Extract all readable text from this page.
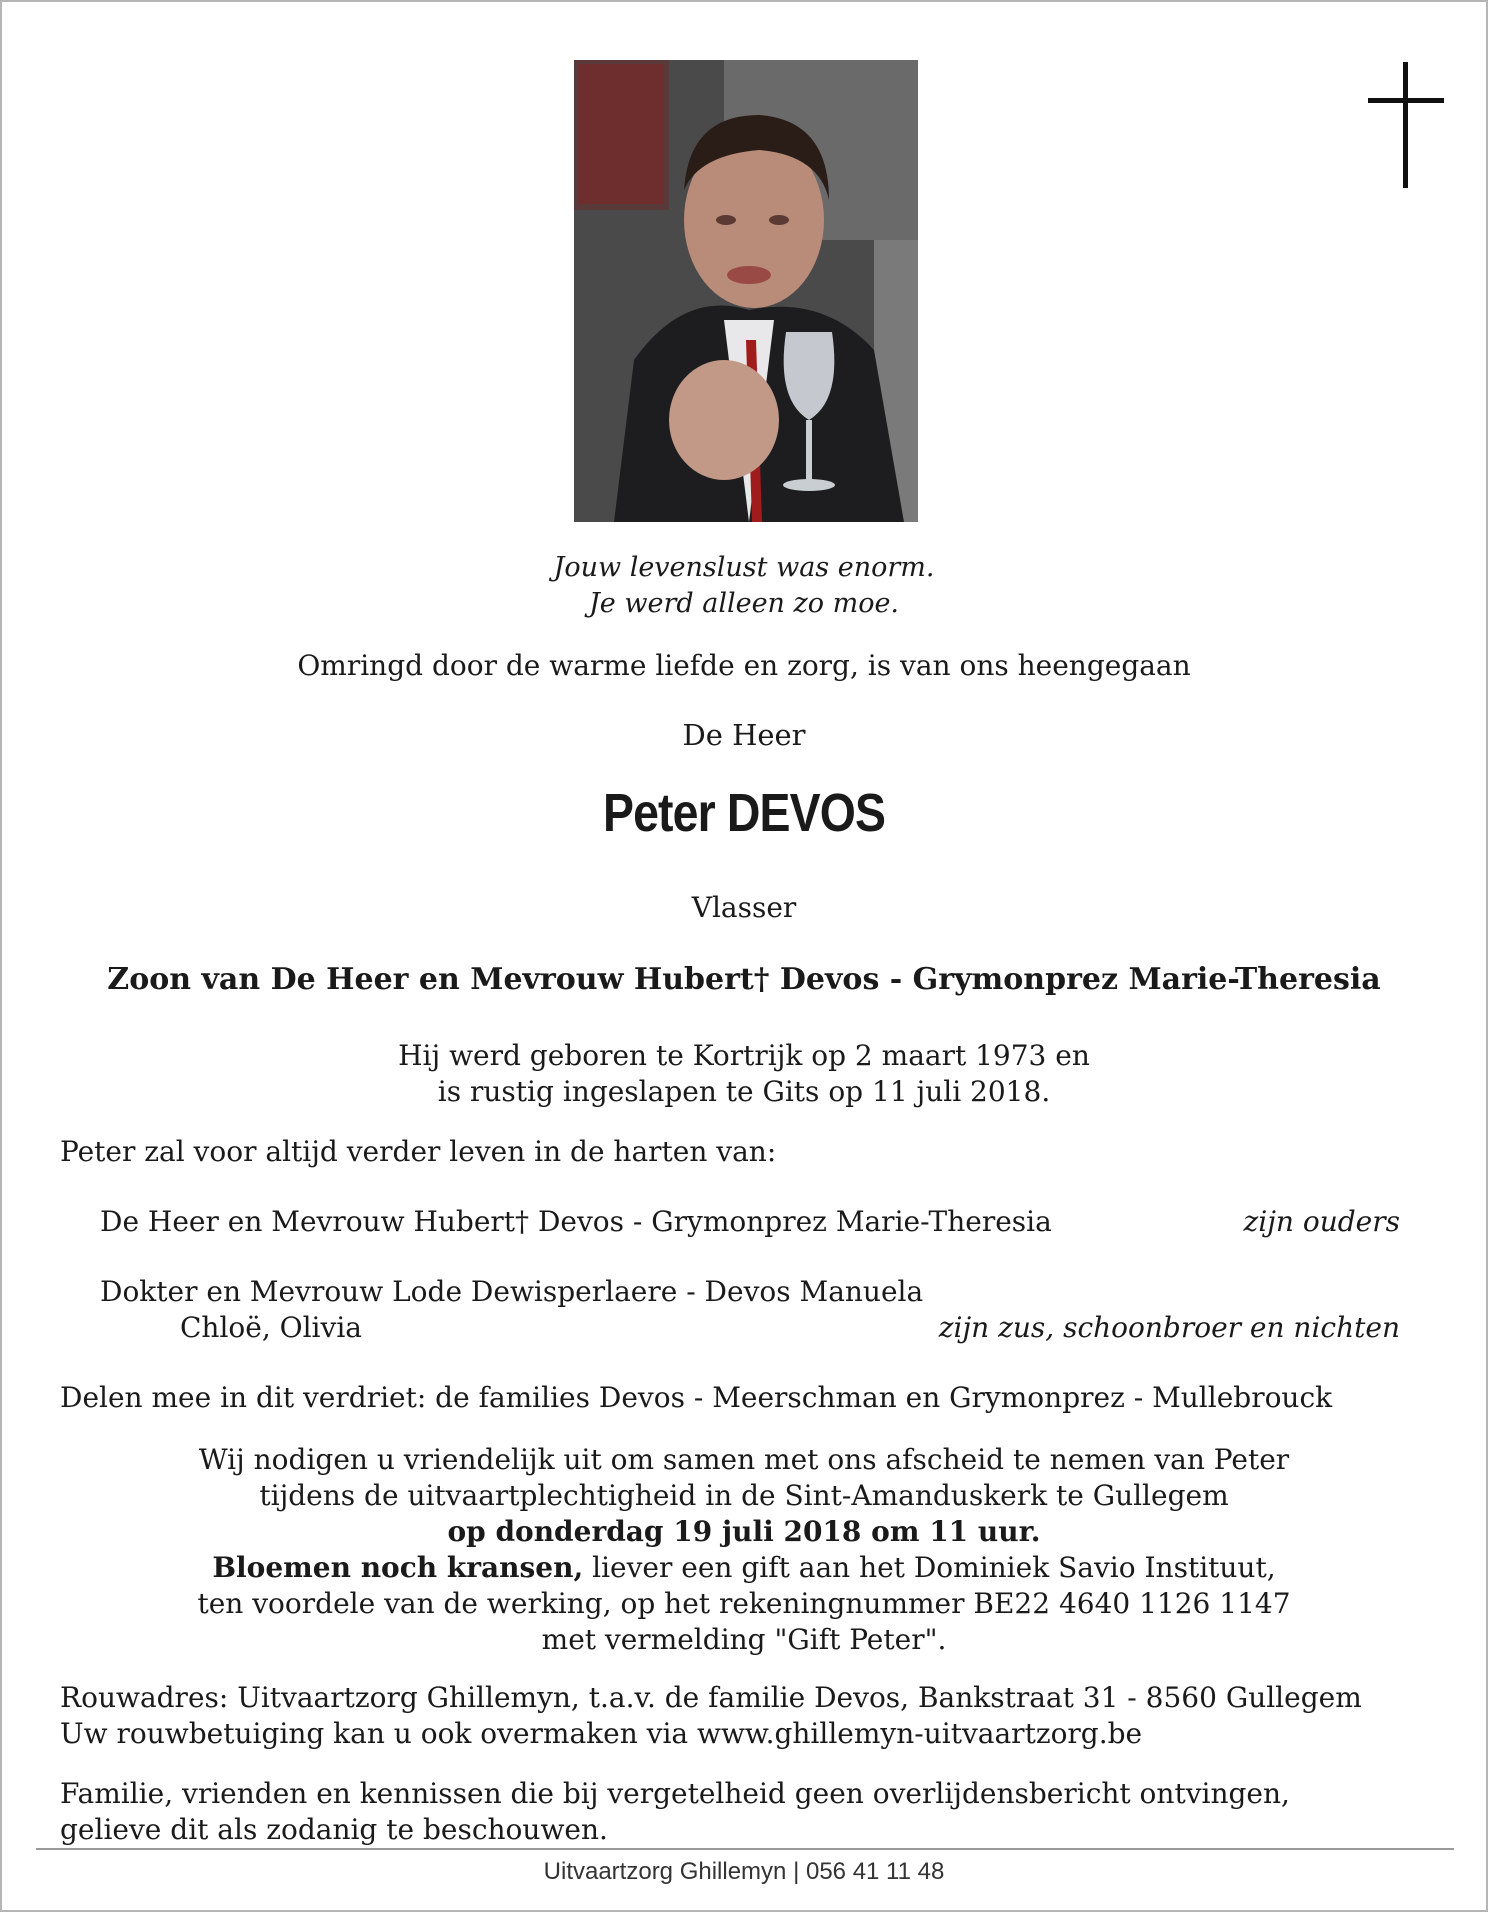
Jouw levenslust was enorm.
Je werd alleen zo moe.
Omringd door de warme liefde en zorg, is van ons heengegaan
De Heer
Peter DEVOS
Vlasser
Zoon van De Heer en Mevrouw Hubert† Devos - Grymonprez Marie-Theresia
Hij werd geboren te Kortrijk op 2 maart 1973 en
is rustig ingeslapen te Gits op 11 juli 2018.
Peter zal voor altijd verder leven in de harten van:
De Heer en Mevrouw Hubert† Devos - Grymonprez Marie-Theresia	zijn ouders
Dokter en Mevrouw Lode Dewisperlaere - Devos Manuela
Chloë, Olivia	zijn zus, schoonbroer en nichten
Delen mee in dit verdriet: de families Devos - Meerschman en Grymonprez - Mullebrouck
Wij nodigen u vriendelijk uit om samen met ons afscheid te nemen van Peter
tijdens de uitvaartplechtigheid in de Sint-Amanduskerk te Gullegem
op donderdag 19 juli 2018 om 11 uur.
Bloemen noch kransen, liever een gift aan het Dominiek Savio Instituut,
ten voordele van de werking, op het rekeningnummer BE22 4640 1126 1147
met vermelding "Gift Peter".
Rouwadres: Uitvaartzorg Ghillemyn, t.a.v. de familie Devos, Bankstraat 31 - 8560 Gullegem
Uw rouwbetuiging kan u ook overmaken via www.ghillemyn-uitvaartzorg.be
Familie, vrienden en kennissen die bij vergetelheid geen overlijdensbericht ontvingen,
gelieve dit als zodanig te beschouwen.
Uitvaartzorg Ghillemyn | 056 41 11 48
